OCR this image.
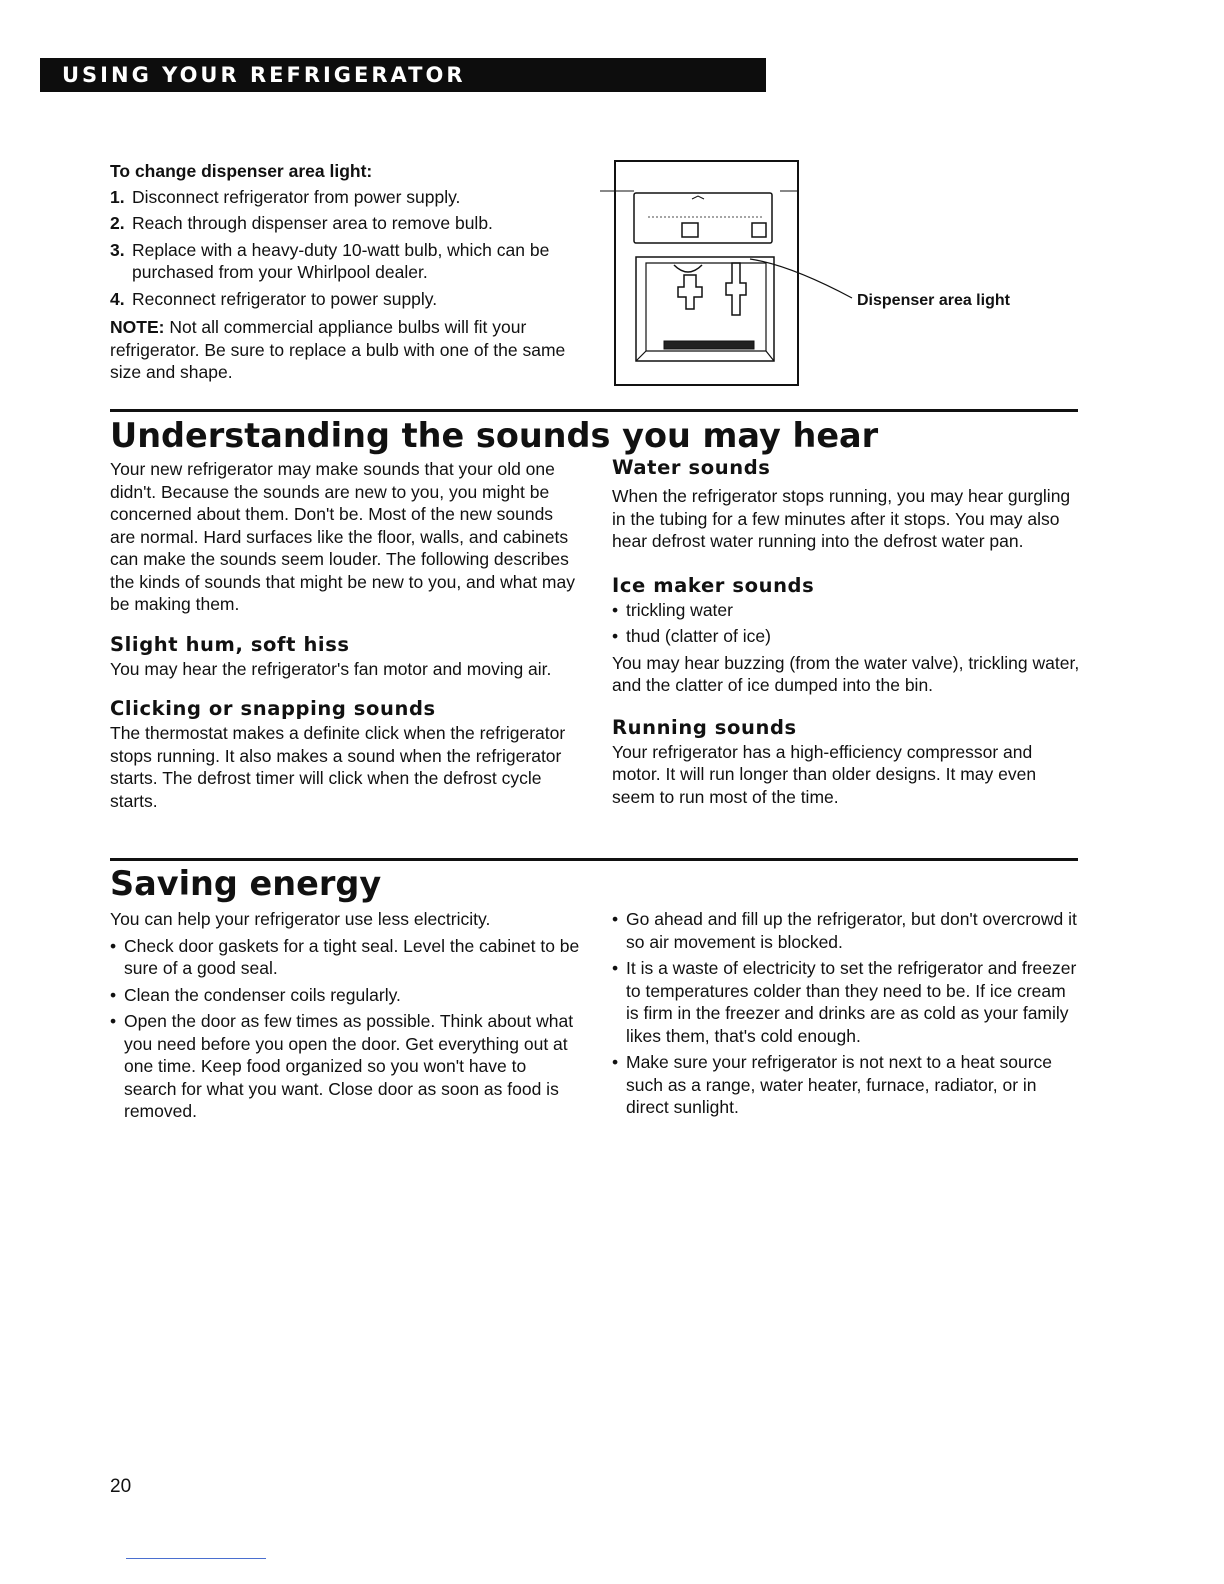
USING YOUR REFRIGERATOR

To change dispenser area light:

1. Disconnect refrigerator from power supply.
2. Reach through dispenser area to remove bulb.
3. Replace with a heavy-duty 10-watt bulb, which can be purchased from your Whirlpool dealer.
4. Reconnect refrigerator to power supply.

NOTE: Not all commercial appliance bulbs will fit your refrigerator. Be sure to replace a bulb with one of the same size and shape.

Dispenser area light
Understanding the sounds you may hear

Your new refrigerator may make sounds that your old one didn't. Because the sounds are new to you, you might be concerned about them. Don't be. Most of the new sounds are normal. Hard surfaces like the floor, walls, and cabinets can make the sounds seem louder. The following describes the kinds of sounds that might be new to you, and what may be making them.

Slight hum, soft hiss

You may hear the refrigerator's fan motor and moving air.

Clicking or snapping sounds

The thermostat makes a definite click when the refrigerator stops running. It also makes a sound when the refrigerator starts. The defrost timer will click when the defrost cycle starts.

Water sounds

When the refrigerator stops running, you may hear gurgling in the tubing for a few minutes after it stops. You may also hear defrost water running into the defrost water pan.

Ice maker sounds
• trickling water
• thud (clatter of ice)

You may hear buzzing (from the water valve), trickling water, and the clatter of ice dumped into the bin.

Running sounds

Your refrigerator has a high-efficiency compressor and motor. It will run longer than older designs. It may even seem to run most of the time.

Saving energy

You can help your refrigerator use less electricity.

• Check door gaskets for a tight seal. Level the cabinet to be sure of a good seal.
• Clean the condenser coils regularly.
• Open the door as few times as possible. Think about what you need before you open the door. Get everything out at one time. Keep food organized so you won't have to search for what you want. Close door as soon as food is removed.
• Go ahead and fill up the refrigerator, but don't overcrowd it so air movement is blocked.
• It is a waste of electricity to set the refrigerator and freezer to temperatures colder than they need to be. If ice cream is firm in the freezer and drinks are as cold as your family likes them, that's cold enough.
• Make sure your refrigerator is not next to a heat source such as a range, water heater, furnace, radiator, or in direct sunlight.
20
